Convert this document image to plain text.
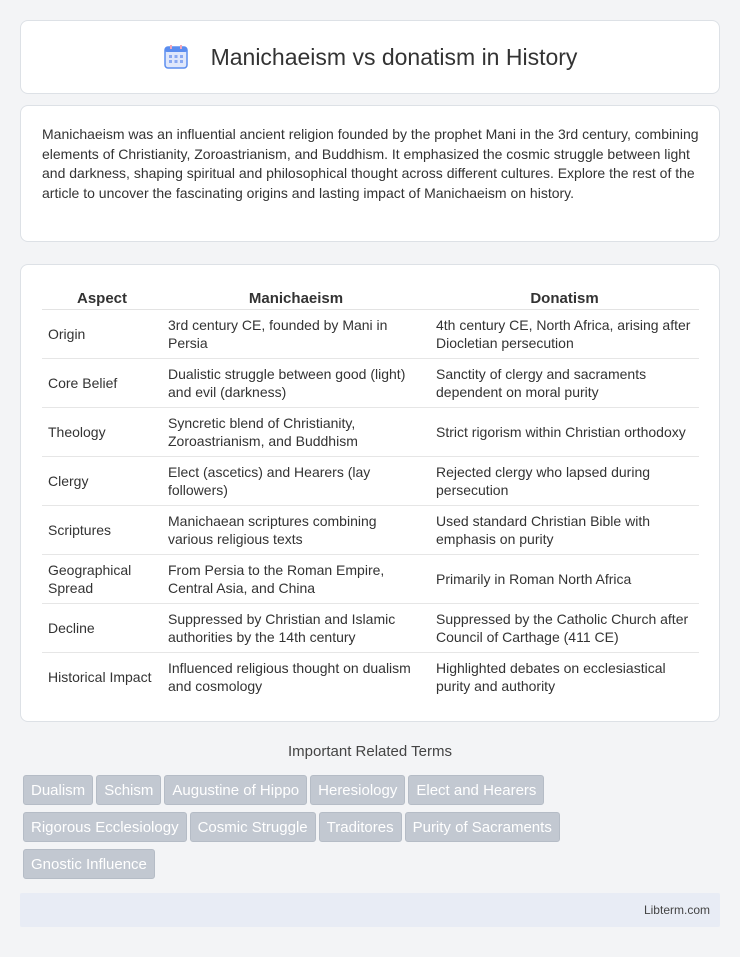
Manichaeism vs donatism in History

Manichaeism was an influential ancient religion founded by the prophet Mani in the 3rd century, combining elements of Christianity, Zoroastrianism, and Buddhism. It emphasized the cosmic struggle between light and darkness, shaping spiritual and philosophical thought across different cultures. Explore the rest of the article to uncover the fascinating origins and lasting impact of Manichaeism on history.

Aspect	Manichaeism	Donatism
Origin	3rd century CE, founded by Mani in Persia	4th century CE, North Africa, arising after Diocletian persecution
Core Belief	Dualistic struggle between good (light) and evil (darkness)	Sanctity of clergy and sacraments dependent on moral purity
Theology	Syncretic blend of Christianity, Zoroastrianism, and Buddhism	Strict rigorism within Christian orthodoxy
Clergy	Elect (ascetics) and Hearers (lay followers)	Rejected clergy who lapsed during persecution
Scriptures	Manichaean scriptures combining various religious texts	Used standard Christian Bible with emphasis on purity
Geographical Spread	From Persia to the Roman Empire, Central Asia, and China	Primarily in Roman North Africa
Decline	Suppressed by Christian and Islamic authorities by the 14th century	Suppressed by the Catholic Church after Council of Carthage (411 CE)
Historical Impact	Influenced religious thought on dualism and cosmology	Highlighted debates on ecclesiastical purity and authority
Important Related Terms
Dualism Schism Augustine of Hippo Heresiology Elect and Hearers
Rigorous Ecclesiology Cosmic Struggle Traditores Purity of Sacraments
Gnostic Influence
Libterm.com
